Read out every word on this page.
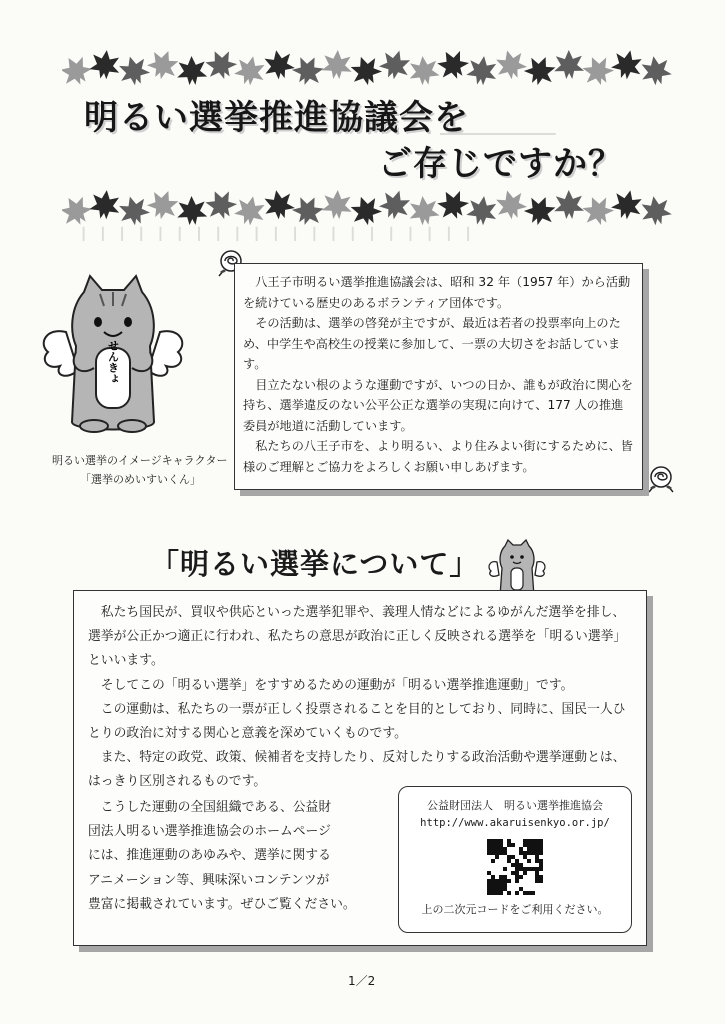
━━━━━━━━━━━━━━━━
┃　┃　┃　┃　┃　┃　┃　┃　┃　┃　┃　┃　┃　┃　┃　┃　┃　┃　┃　┃　┃
明るい選挙推進協議会を
ご存じですか？
せんきょ
明るい選挙のイメージキャラクター
「選挙のめいすいくん」

八王子市明るい選挙推進協議会は、昭和 32 年（1957 年）から活動を続けている歴史のあるボランティア団体です。

その活動は、選挙の啓発が主ですが、最近は若者の投票率向上のため、中学生や高校生の授業に参加して、一票の大切さをお話しています。

目立たない根のような運動ですが、いつの日か、誰もが政治に関心を持ち、選挙違反のない公平公正な選挙の実現に向けて、177 人の推進委員が地道に活動しています。

私たちの八王子市を、より明るい、より住みよい街にするために、皆様のご理解とご協力をよろしくお願い申しあげます。

「明るい選挙について」

私たち国民が、買収や供応といった選挙犯罪や、義理人情などによるゆがんだ選挙を排し、選挙が公正かつ適正に行われ、私たちの意思が政治に正しく反映される選挙を「明るい選挙」といいます。

そしてこの「明るい選挙」をすすめるための運動が「明るい選挙推進運動」です。

この運動は、私たちの一票が正しく投票されることを目的としており、同時に、国民一人ひとりの政治に対する関心と意義を深めていくものです。

また、特定の政党、政策、候補者を支持したり、反対したりする政治活動や選挙運動とは、はっきり区別されるものです。

こうした運動の全国組織である、公益財

団法人明るい選挙推進協会のホームページ

には、推進運動のあゆみや、選挙に関する

アニメーション等、興味深いコンテンツが

豊富に掲載されています。ぜひご覧ください。

公益財団法人　明るい選挙推進協会
http://www.akaruisenkyo.or.jp/
上の二次元コードをご利用ください。
1／2
